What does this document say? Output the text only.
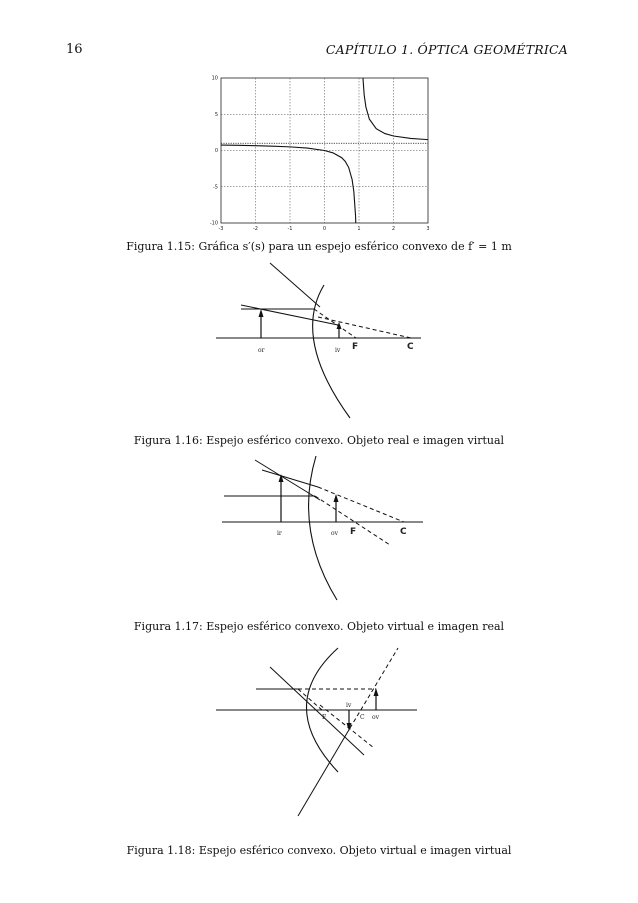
16	CAPÍTULO 1. ÓPTICA GEOMÉTRICA
-3	-2	-1	0	1	2	3
10
5
0
-5
-10
or	iv F	C
ir	ov F	C
F
iv
C ov
Figura 1.15: Gráfica s′(s) para un espejo esférico convexo de f′ = 1 m
Figura 1.16: Espejo esférico convexo. Objeto real e imagen virtual
Figura 1.17: Espejo esférico convexo. Objeto virtual e imagen real
Figura 1.18: Espejo esférico convexo. Objeto virtual e imagen virtual
